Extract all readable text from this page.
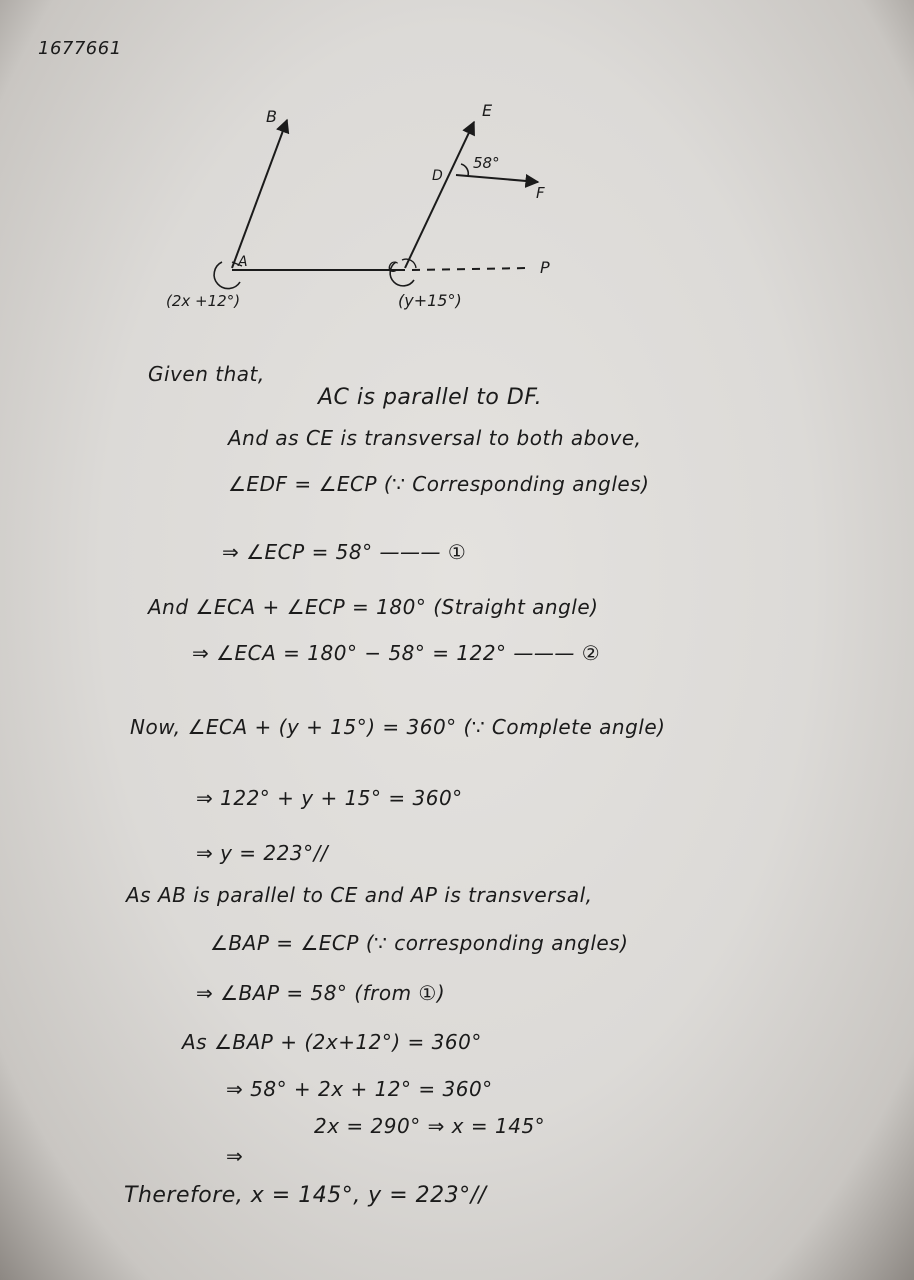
1677661
B	E
D
58°
F
A	C	P
(2x +12°)	(y+15°)
Given that,
AC is parallel to DF.
And as CE is transversal to both above,
∠EDF = ∠ECP (∵ Corresponding angles)
⇒ ∠ECP = 58° ——— ①
And ∠ECA + ∠ECP = 180° (Straight angle)
⇒ ∠ECA = 180° − 58° = 122° ——— ②
Now, ∠ECA + (y + 15°) = 360° (∵ Complete angle)
⇒ 122° + y + 15° = 360°
⇒ y = 223°//
As AB is parallel to CE and AP is transversal,
∠BAP = ∠ECP (∵ corresponding angles)
⇒ ∠BAP = 58° (from ①)
As ∠BAP + (2x+12°) = 360°
⇒ 58° + 2x + 12° = 360°
2x = 290° ⇒ x = 145°
⇒
Therefore, x = 145°, y = 223°//
